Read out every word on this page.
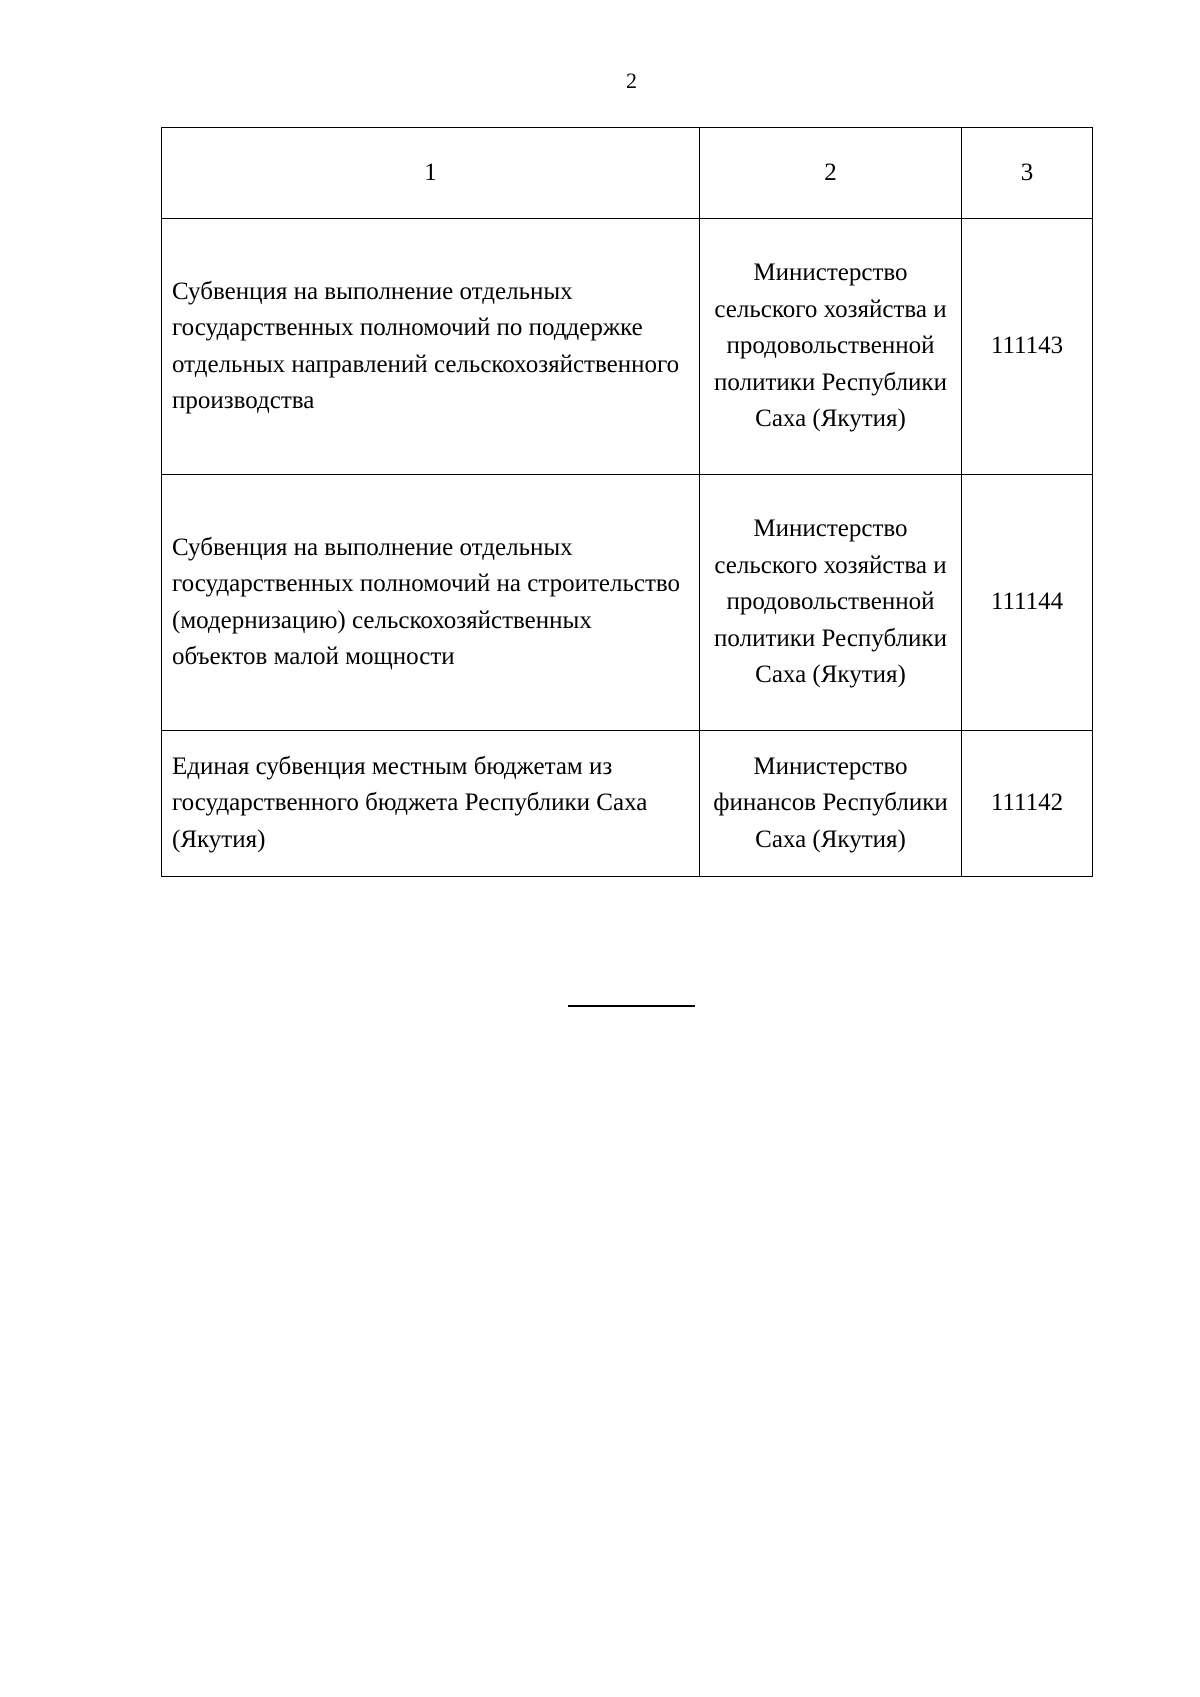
2
1	2	3
Субвенция на выполнение отдельных государственных полномочий по поддержке отдельных направлений сельскохозяйственного производства	Министерство сельского хозяйства и продовольственной политики Республики Саха (Якутия)	111143
Субвенция на выполнение отдельных государственных полномочий на строительство (модернизацию) сельскохозяйственных объектов малой мощности	Министерство сельского хозяйства и продовольственной политики Республики Саха (Якутия)	111144
Единая субвенция местным бюджетам из государственного бюджета Республики Саха (Якутия)	Министерство финансов Республики Саха (Якутия)	111142
